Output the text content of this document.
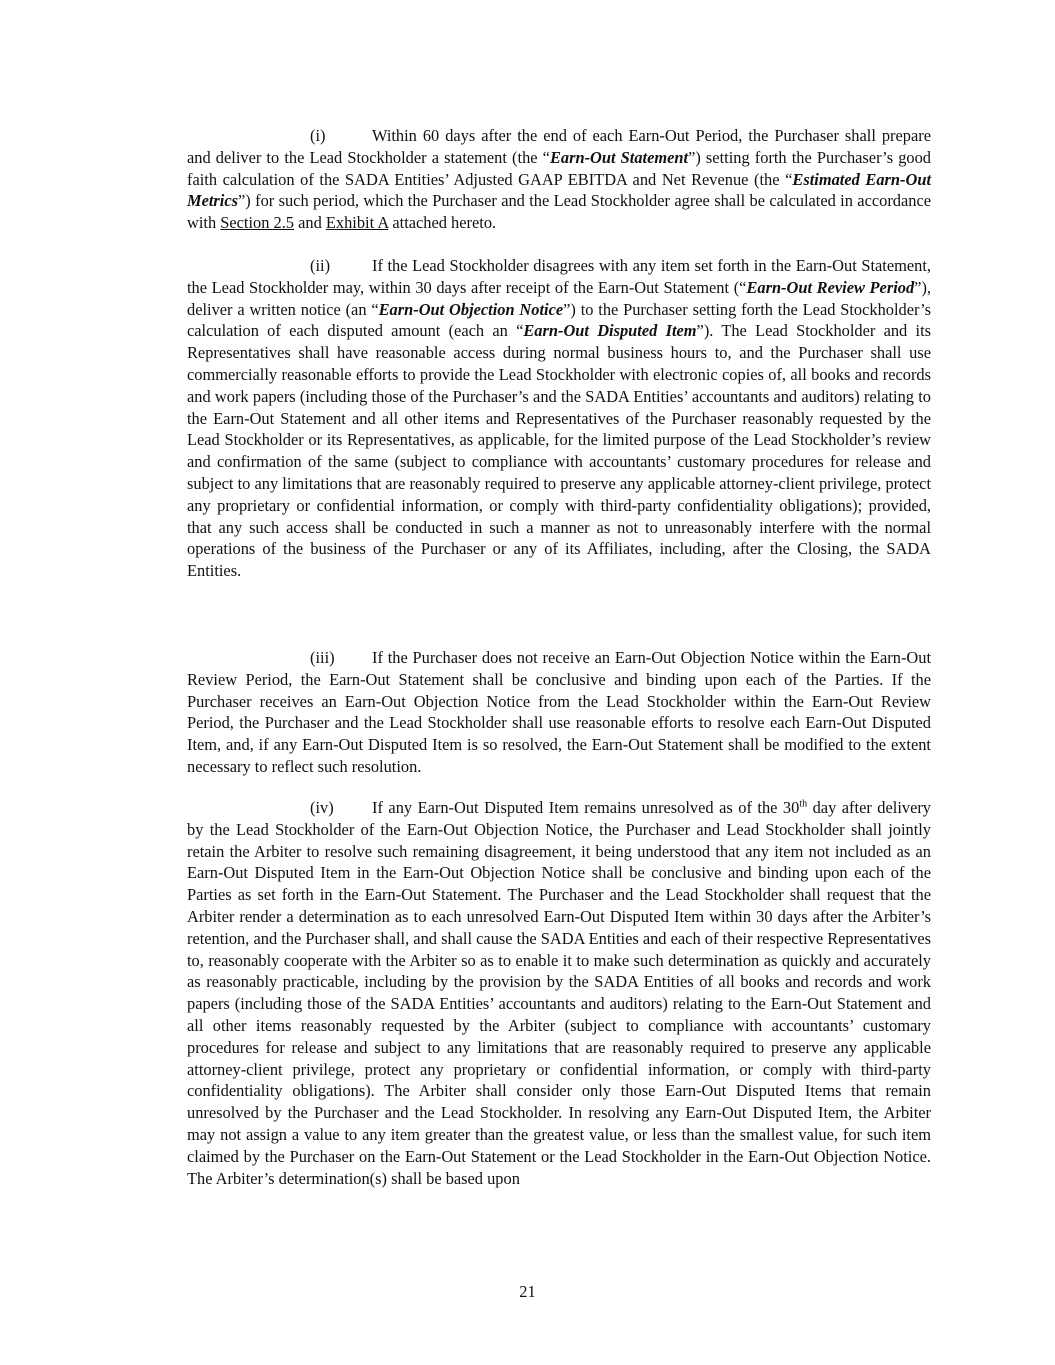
(i)	Within 60 days after the end of each Earn-Out Period, the Purchaser shall prepare and deliver to the Lead Stockholder a statement (the “Earn-Out Statement”) setting forth the Purchaser’s good faith calculation of the SADA Entities’ Adjusted GAAP EBITDA and Net Revenue (the “Estimated Earn-Out Metrics”) for such period, which the Purchaser and the Lead Stockholder agree shall be calculated in accordance with Section 2.5 and Exhibit A attached hereto.

(ii)	If the Lead Stockholder disagrees with any item set forth in the Earn-Out Statement, the Lead Stockholder may, within 30 days after receipt of the Earn-Out Statement (“Earn-Out Review Period”), deliver a written notice (an “Earn-Out Objection Notice”) to the Purchaser setting forth the Lead Stockholder’s calculation of each disputed amount (each an “Earn-Out Disputed Item”). The Lead Stockholder and its Representatives shall have reasonable access during normal business hours to, and the Purchaser shall use commercially reasonable efforts to provide the Lead Stockholder with electronic copies of, all books and records and work papers (including those of the Purchaser’s and the SADA Entities’ accountants and auditors) relating to the Earn-Out Statement and all other items and Representatives of the Purchaser reasonably requested by the Lead Stockholder or its Representatives, as applicable, for the limited purpose of the Lead Stockholder’s review and confirmation of the same (subject to compliance with accountants’ customary procedures for release and subject to any limitations that are reasonably required to preserve any applicable attorney-client privilege, protect any proprietary or confidential information, or comply with third-party confidentiality obligations); provided, that any such access shall be conducted in such a manner as not to unreasonably interfere with the normal operations of the business of the Purchaser or any of its Affiliates, including, after the Closing, the SADA Entities.

(iii) If the Purchaser does not receive an Earn-Out Objection Notice within the Earn-Out Review Period, the Earn-Out Statement shall be conclusive and binding upon each of the Parties. If the Purchaser receives an Earn-Out Objection Notice from the Lead Stockholder within the Earn-Out Review Period, the Purchaser and the Lead Stockholder shall use reasonable efforts to resolve each Earn-Out Disputed Item, and, if any Earn-Out Disputed Item is so resolved, the Earn-Out Statement shall be modified to the extent necessary to reflect such resolution.

(iv) If any Earn-Out Disputed Item remains unresolved as of the 30th day after delivery by the Lead Stockholder of the Earn-Out Objection Notice, the Purchaser and Lead Stockholder shall jointly retain the Arbiter to resolve such remaining disagreement, it being understood that any item not included as an Earn-Out Disputed Item in the Earn-Out Objection Notice shall be conclusive and binding upon each of the Parties as set forth in the Earn-Out Statement. The Purchaser and the Lead Stockholder shall request that the Arbiter render a determination as to each unresolved Earn-Out Disputed Item within 30 days after the Arbiter’s retention, and the Purchaser shall, and shall cause the SADA Entities and each of their respective Representatives to, reasonably cooperate with the Arbiter so as to enable it to make such determination as quickly and accurately as reasonably practicable, including by the provision by the SADA Entities of all books and records and work papers (including those of the SADA Entities’ accountants and auditors) relating to the Earn-Out Statement and all other items reasonably requested by the Arbiter (subject to compliance with accountants’ customary procedures for release and subject to any limitations that are reasonably required to preserve any applicable attorney-client privilege, protect any proprietary or confidential information, or comply with third-party confidentiality obligations). The Arbiter shall consider only those Earn-Out Disputed Items that remain unresolved by the Purchaser and the Lead Stockholder. In resolving any Earn-Out Disputed Item, the Arbiter may not assign a value to any item greater than the greatest value, or less than the smallest value, for such item claimed by the Purchaser on the Earn-Out Statement or the Lead Stockholder in the Earn-Out Objection Notice. The Arbiter’s determination(s) shall be based upon

21
